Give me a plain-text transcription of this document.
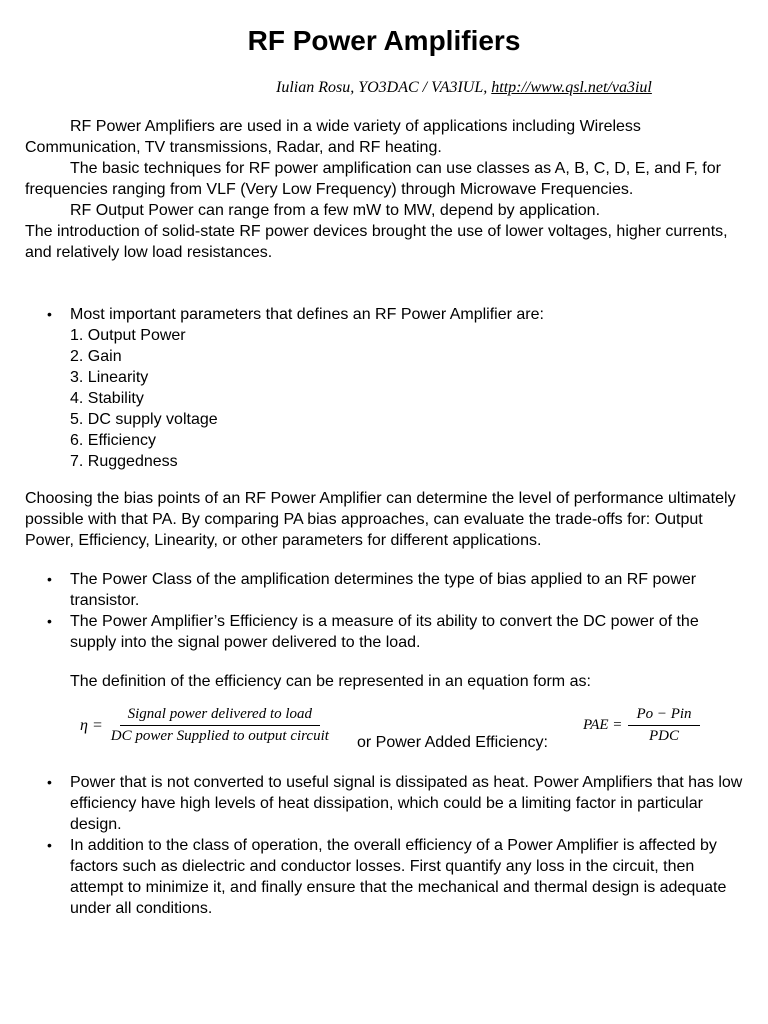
RF Power Amplifiers
Iulian Rosu, YO3DAC / VA3IUL, http://www.qsl.net/va3iul

RF Power Amplifiers are used in a wide variety of applications including Wireless Communication, TV transmissions, Radar, and RF heating.

The basic techniques for RF power amplification can use classes as A, B, C, D, E, and F, for frequencies ranging from VLF (Very Low Frequency) through Microwave Frequencies.

RF Output Power can range from a few mW to MW, depend by application.

The introduction of solid-state RF power devices brought the use of lower voltages, higher currents, and relatively low load resistances.

• Most important parameters that defines an RF Power Amplifier are:
1. Output Power
2. Gain
3. Linearity
4. Stability
5. DC supply voltage
6. Efficiency
7. Ruggedness
Choosing the bias points of an RF Power Amplifier can determine the level of performance ultimately possible with that PA. By comparing PA bias approaches, can evaluate the trade-offs for: Output Power, Efficiency, Linearity, or other parameters for different applications.
• The Power Class of the amplification determines the type of bias applied to an RF power transistor.
• The Power Amplifier’s Efficiency is a measure of its ability to convert the DC power of the supply into the signal power delivered to the load.
The definition of the efficiency can be represented in an equation form as:
$\eta = \frac{\text{Signal power delivered to load}}{\text{DC power Supplied to output circuit}}$ or Power Added Efficiency:
PAE = $\frac{\text{Po − Pin}}{\text{PDC}}$
• Power that is not converted to useful signal is dissipated as heat. Power Amplifiers that has low efficiency have high levels of heat dissipation, which could be a limiting factor in particular design.
• In addition to the class of operation, the overall efficiency of a Power Amplifier is affected by factors such as dielectric and conductor losses. First quantify any loss in the circuit, then attempt to minimize it, and finally ensure that the mechanical and thermal design is adequate under all conditions.
